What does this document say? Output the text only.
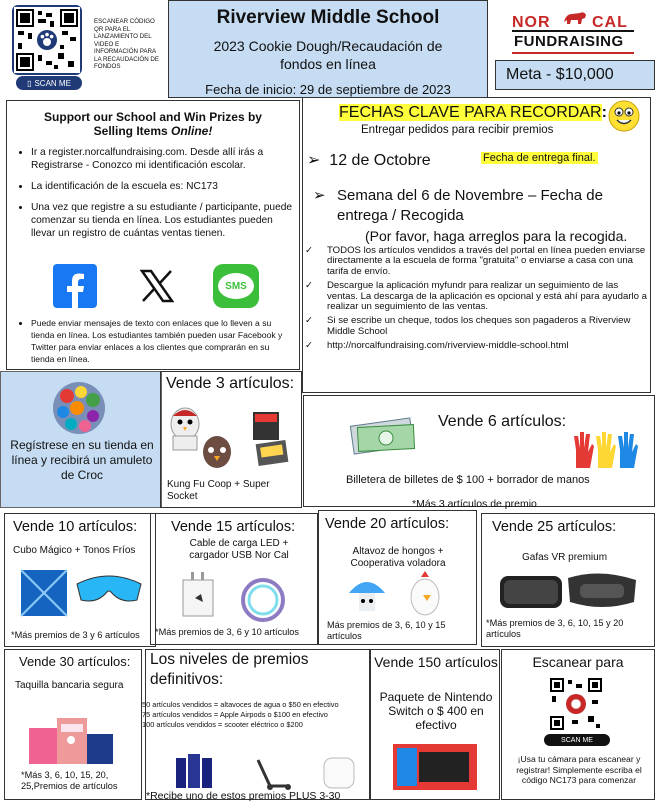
▯ SCAN ME
ESCANEAR CÓDIGO QR PARA EL LANZAMIENTO DEL VIDEO E INFORMACIÓN PARA LA RECAUDACIÓN DE FONDOS
Riverview Middle School
2023 Cookie Dough/Recaudación de fondos en línea
Fecha de inicio: 29 de septiembre de 2023
NOR	CAL
FUNDRAISING
Meta - $10,000
Support our School and Win Prizes by
Selling Items Online!
• Ir a register.norcalfundraising.com. Desde allí irás a Registrarse - Conozco mi identificación escolar.
• La identificación de la escuela es: NC173
• Una vez que registre a su estudiante / participante, puede comenzar su tienda en línea. Los estudiantes pueden llevar un registro de cuántas ventas tienen.
SMS
• Puede enviar mensajes de texto con enlaces que lo lleven a su tienda en línea. Los estudiantes también pueden usar Facebook y Twitter para enviar enlaces a los clientes que comprarán en su tienda en línea.
FECHAS CLAVE PARA RECORDAR:
Entregar pedidos para recibir premios
➢ 12 de Octobre	Fecha de entrega final.
➢ Semana del 6 de Novembre – Fecha de entrega / Recogida
(Por favor, haga arreglos para la recogida.
✓	TODOS los artículos vendidos a través del portal en línea pueden enviarse directamente a la escuela de forma "gratuita" o enviarse a casa con una tarifa de envío.
✓	Descargue la aplicación myfundr para realizar un seguimiento de las ventas. La descarga de la aplicación es opcional y está ahí para ayudarlo a realizar un seguimiento de las ventas.
✓	Si se escribe un cheque, todos los cheques son pagaderos a Riverview Middle School
✓	http://norcalfundraising.com/riverview-middle-school.html
Regístrese en su tienda en línea y recibirá un amuleto de Croc
Vende 3 artículos:
Kung Fu Coop + Super Socket
Vende 6 artículos:
Billetera de billetes de $ 100 + borrador de manos
*Más 3 artículos de premio
Vende 10 artículos:
Cubo Mágico + Tonos Fríos
*Más premios de 3 y 6 artículos
Vende 15 artículos:
Cable de carga LED + cargador USB Nor Cal
*Más premios de 3, 6 y 10 artículos
Vende 20 artículos:
Altavoz de hongos + Cooperativa voladora
Más premios de 3, 6, 10 y 15 artículos
Vende 25 artículos:
Gafas VR premium
*Más premios de 3, 6, 10, 15 y 20 artículos
Vende 30 artículos:
Taquilla bancaria segura
*Más 3, 6, 10, 15, 20, 25,Premios de artículos
Los niveles de premios definitivos:
50 artículos vendidos = altavoces de agua o $50 en efectivo
75 artículos vendidos = Apple Airpods o $100 en efectivo
100 artículos vendidos = scooter eléctrico o $200
*Recibe uno de estos premios PLUS 3-30
Vende 150 artículos
Paquete de Nintendo Switch o $ 400 en efectivo
Escanear para
SCAN ME
¡Usa tu cámara para escanear y registrar! Simplemente escriba el código NC173 para comenzar
